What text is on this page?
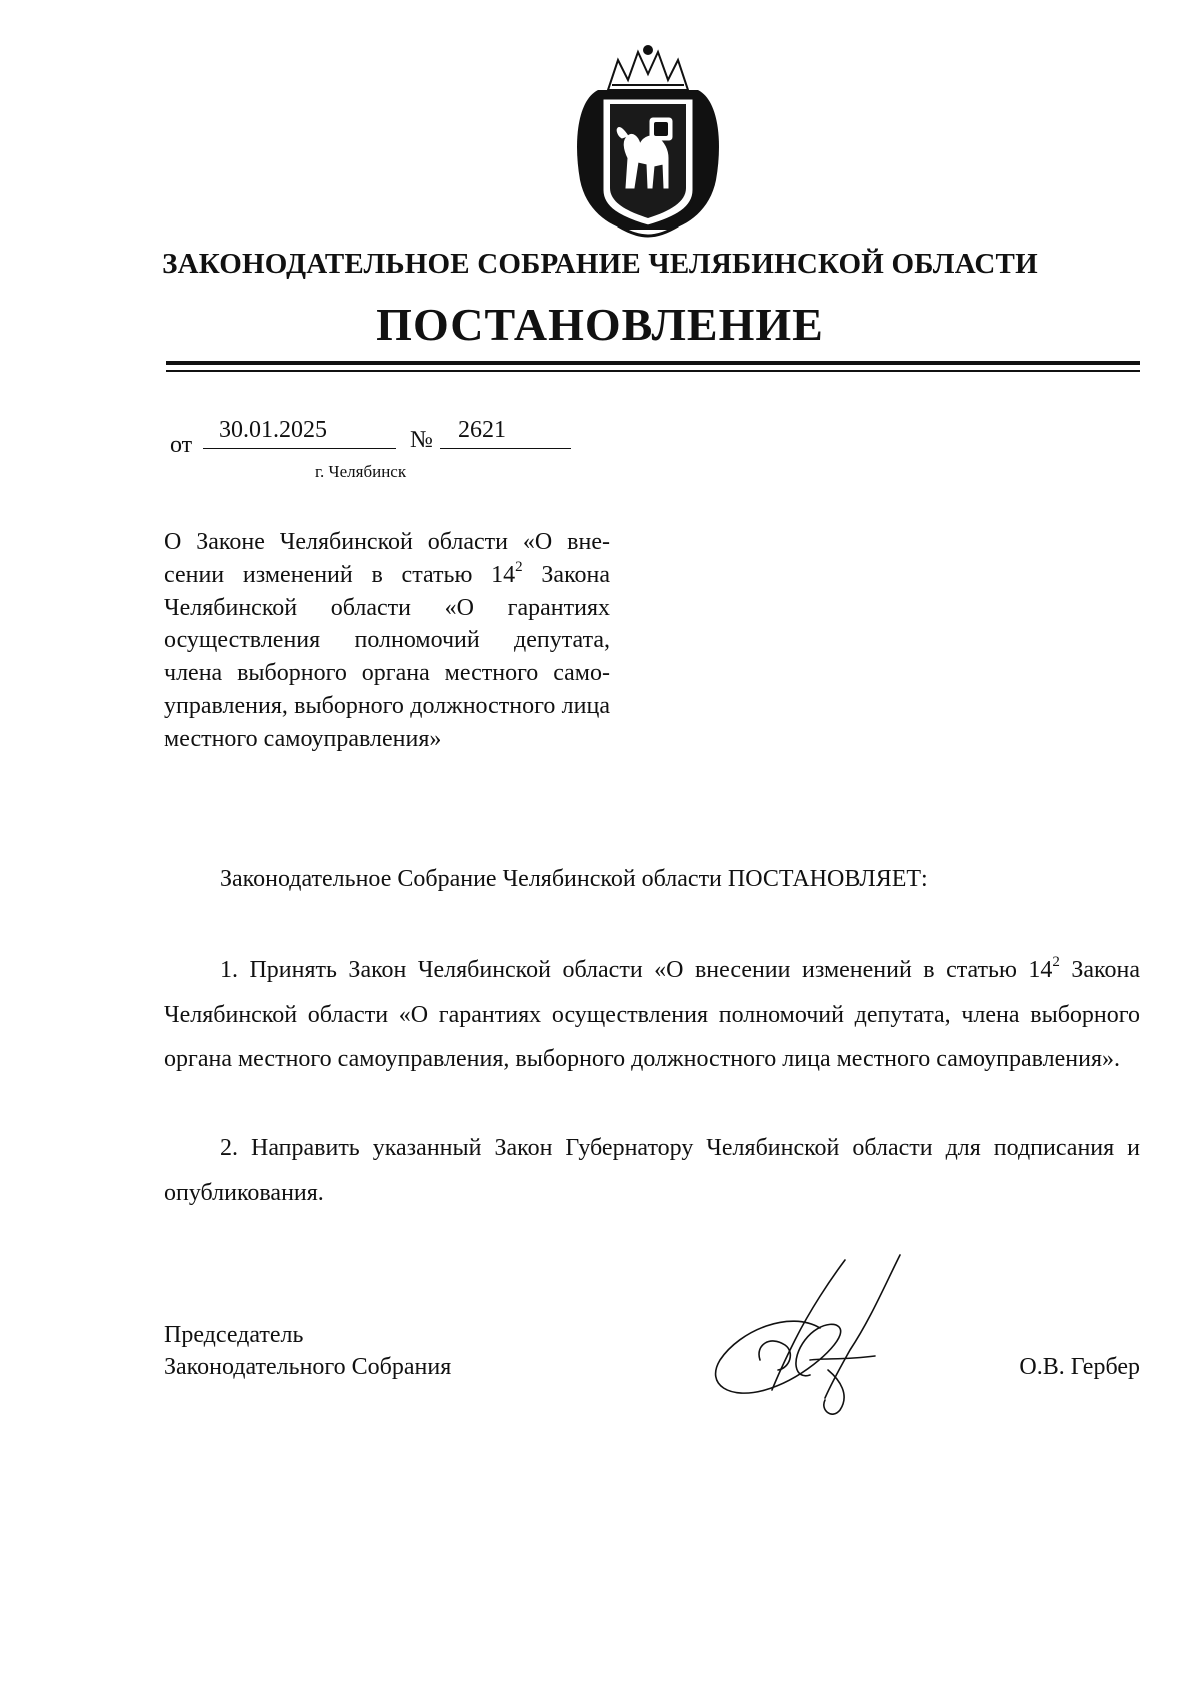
ЗАКОНОДАТЕЛЬНОЕ СОБРАНИЕ ЧЕЛЯБИНСКОЙ ОБЛАСТИ
ПОСТАНОВЛЕНИЕ
от
30.01.2025	№	2621
г. Челябинск
О Законе Челябинской области «О внесении изменений в статью $14^2$ Закона Челябинской области «О гарантиях осуществления полномочий депутата, члена выборного органа местного самоуправления, выборного должностного лица местного самоуправления»
Законодательное Собрание Челябинской области ПОСТАНОВЛЯЕТ:
1. Принять Закон Челябинской области «О внесении изменений в статью $14^2$ Закона Челябинской области «О гарантиях осуществления полномочий депутата, члена выборного органа местного самоуправления, выборного должностного лица местного самоуправления».
2. Направить указанный Закон Губернатору Челябинской области для подписания и опубликования.
Председатель
Законодательного Собрания	О.В. Гербер
